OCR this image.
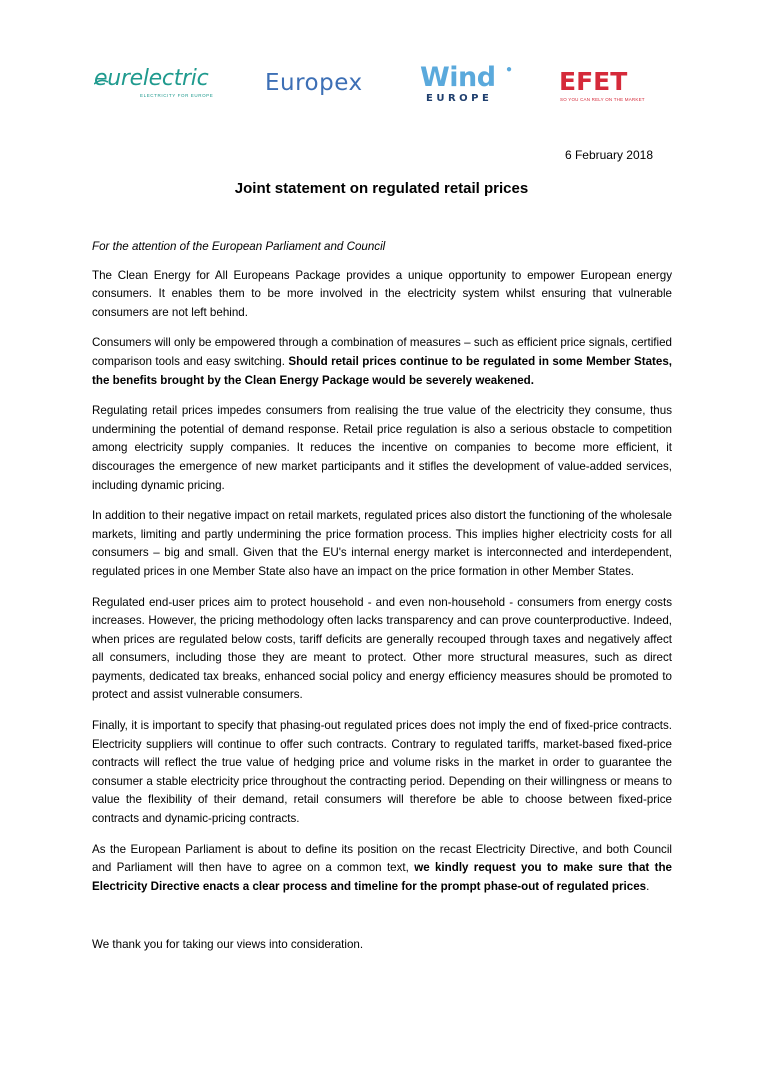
eurelectric
ELECTRICITY FOR EUROPE Europex	Wind ●
EUROPE
EFET
SO YOU CAN RELY ON THE MARKET
6 February 2018
Joint statement on regulated retail prices

For the attention of the European Parliament and Council

The Clean Energy for All Europeans Package provides a unique opportunity to empower European energy consumers. It enables them to be more involved in the electricity system whilst ensuring that vulnerable consumers are not left behind.

Consumers will only be empowered through a combination of measures – such as efficient price signals, certified comparison tools and easy switching. Should retail prices continue to be regulated in some Member States, the benefits brought by the Clean Energy Package would be severely weakened.

Regulating retail prices impedes consumers from realising the true value of the electricity they consume, thus undermining the potential of demand response. Retail price regulation is also a serious obstacle to competition among electricity supply companies. It reduces the incentive on companies to become more efficient, it discourages the emergence of new market participants and it stifles the development of value-added services, including dynamic pricing.

In addition to their negative impact on retail markets, regulated prices also distort the functioning of the wholesale markets, limiting and partly undermining the price formation process. This implies higher electricity costs for all consumers – big and small. Given that the EU's internal energy market is interconnected and interdependent, regulated prices in one Member State also have an impact on the price formation in other Member States.

Regulated end-user prices aim to protect household - and even non-household - consumers from energy costs increases. However, the pricing methodology often lacks transparency and can prove counterproductive. Indeed, when prices are regulated below costs, tariff deficits are generally recouped through taxes and negatively affect all consumers, including those they are meant to protect. Other more structural measures, such as direct payments, dedicated tax breaks, enhanced social policy and energy efficiency measures should be promoted to protect and assist vulnerable consumers.

Finally, it is important to specify that phasing-out regulated prices does not imply the end of fixed-price contracts. Electricity suppliers will continue to offer such contracts. Contrary to regulated tariffs, market-based fixed-price contracts will reflect the true value of hedging price and volume risks in the market in order to guarantee the consumer a stable electricity price throughout the contracting period. Depending on their willingness or means to value the flexibility of their demand, retail consumers will therefore be able to choose between fixed-price contracts and dynamic-pricing contracts.

As the European Parliament is about to define its position on the recast Electricity Directive, and both Council and Parliament will then have to agree on a common text, we kindly request you to make sure that the Electricity Directive enacts a clear process and timeline for the prompt phase-out of regulated prices.

We thank you for taking our views into consideration.
